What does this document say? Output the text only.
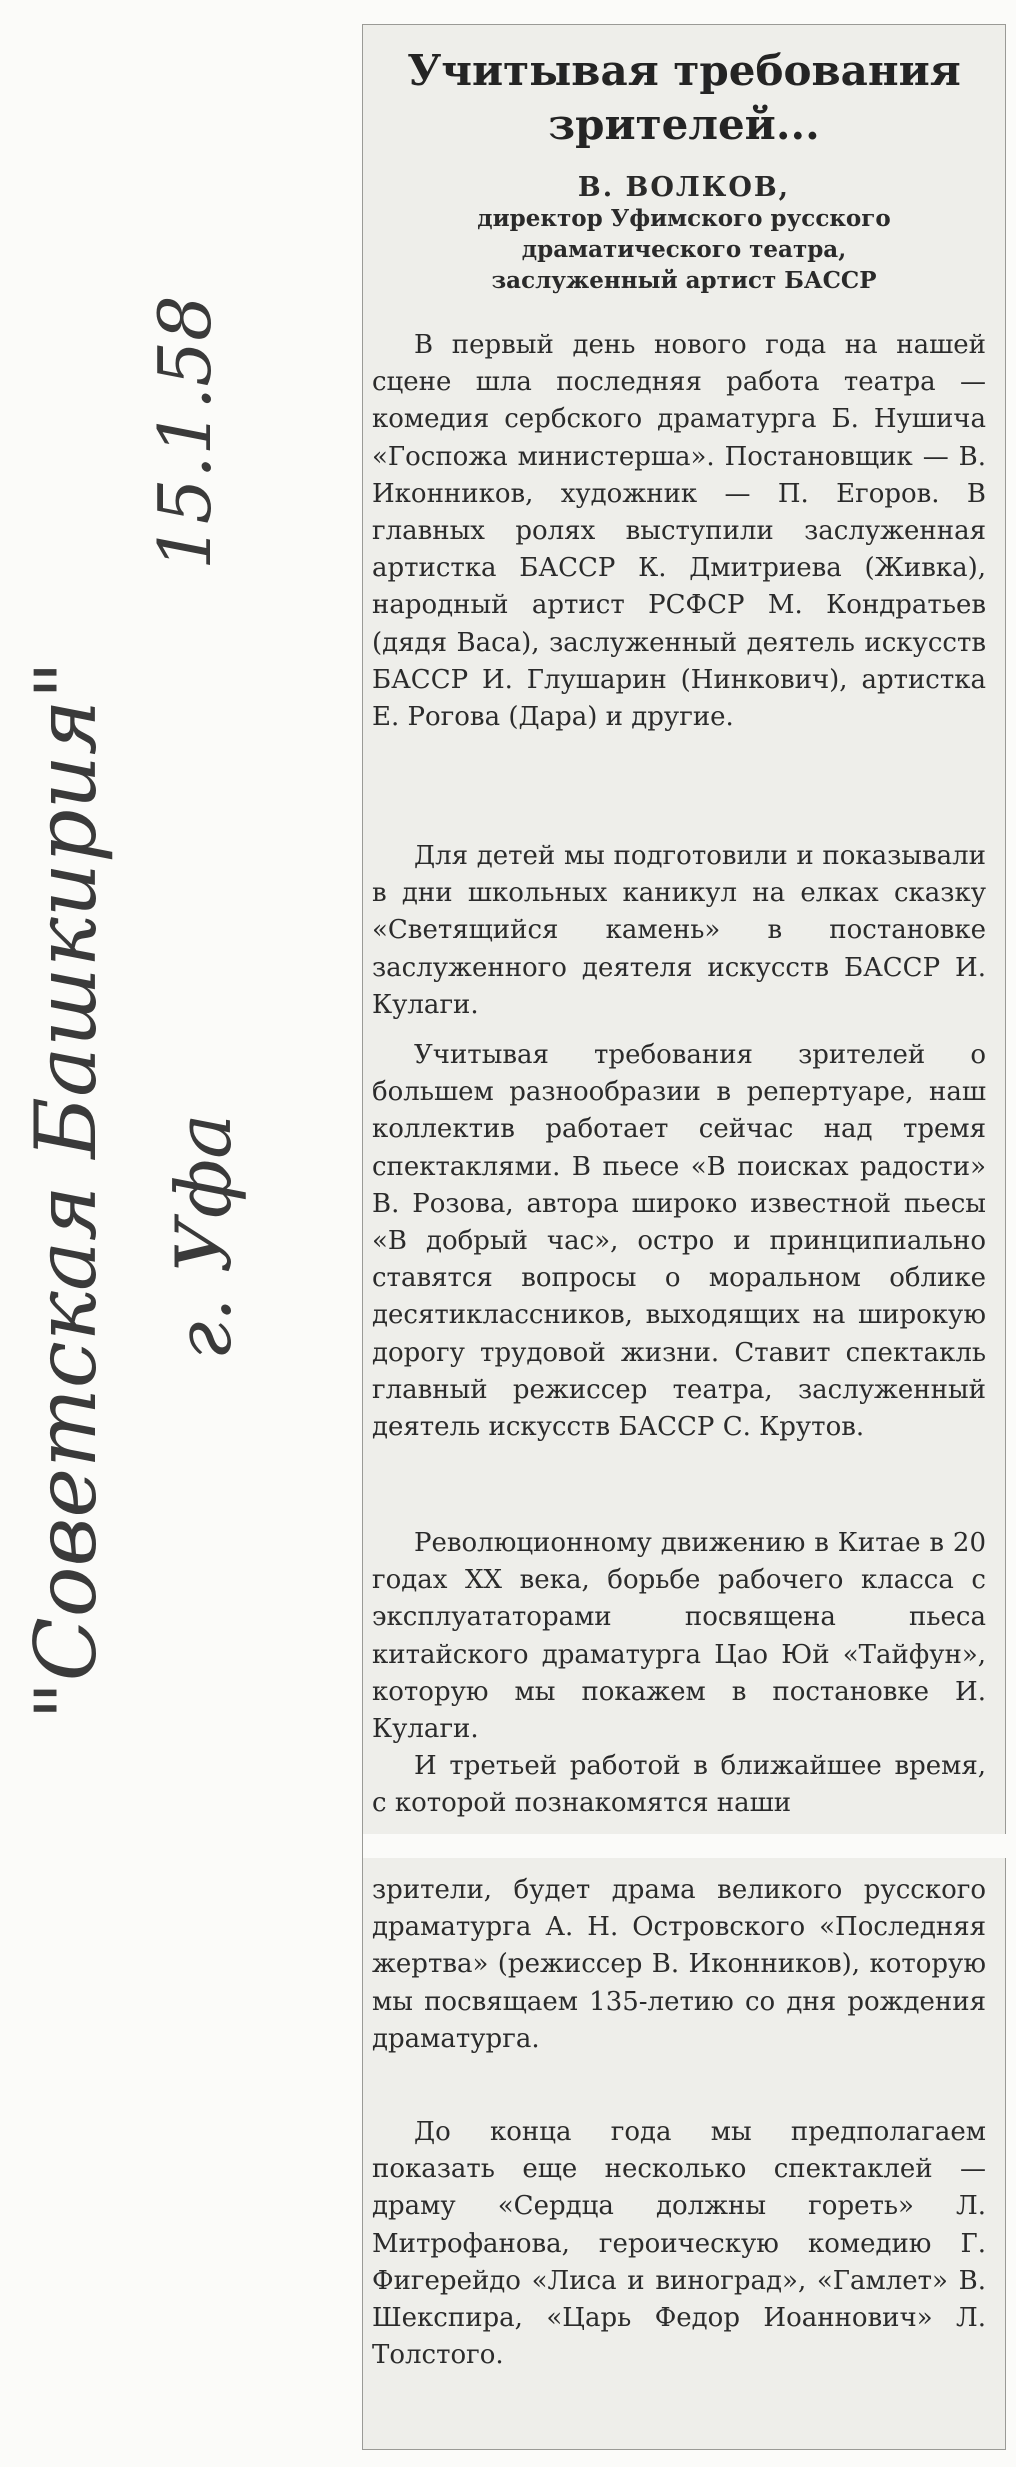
"Советская Башкирия" г. Уфа
15.1.58
Учитывая требования
зрителей...
В. ВОЛКОВ,
директор Уфимского русского
драматического театра,
заслуженный артист БАССР

В первый день нового года на нашей сцене шла последняя работа театра — комедия сербского драматурга Б. Нушича «Госпожа министерша». Постановщик — В. Иконников, художник — П. Егоров. В главных ролях выступили заслуженная артистка БАССР К. Дмитриева (Живка), народный артист РСФСР М. Кондратьев (дядя Васа), заслуженный деятель искусств БАССР И. Глушарин (Нинкович), артистка Е. Рогова (Дара) и другие.

Для детей мы подготовили и показывали в дни школьных каникул на елках сказку «Светящийся камень» в постановке заслуженного деятеля искусств БАССР И. Кулаги.

Учитывая требования зрителей о большем разнообразии в репертуаре, наш коллектив работает сейчас над тремя спектаклями. В пьесе «В поисках радости» В. Розова, автора широко известной пьесы «В добрый час», остро и принципиально ставятся вопросы о моральном облике десятиклассников, выходящих на широкую дорогу трудовой жизни. Ставит спектакль главный режиссер театра, заслуженный деятель искусств БАССР С. Крутов.

Революционному движению в Китае в 20 годах XX века, борьбе рабочего класса с эксплуататорами посвящена пьеса китайского драматурга Цао Юй «Тайфун», которую мы покажем в постановке И. Кулаги.

И третьей работой в ближайшее время, с которой познакомятся наши

зрители, будет драма великого русского драматурга А. Н. Островского «Последняя жертва» (режиссер В. Иконников), которую мы посвящаем 135-летию со дня рождения драматурга.

До конца года мы предполагаем показать еще несколько спектаклей — драму «Сердца должны гореть» Л. Митрофанова, героическую комедию Г. Фигерейдо «Лиса и виноград», «Гамлет» В. Шекспира, «Царь Федор Иоаннович» Л. Толстого.
